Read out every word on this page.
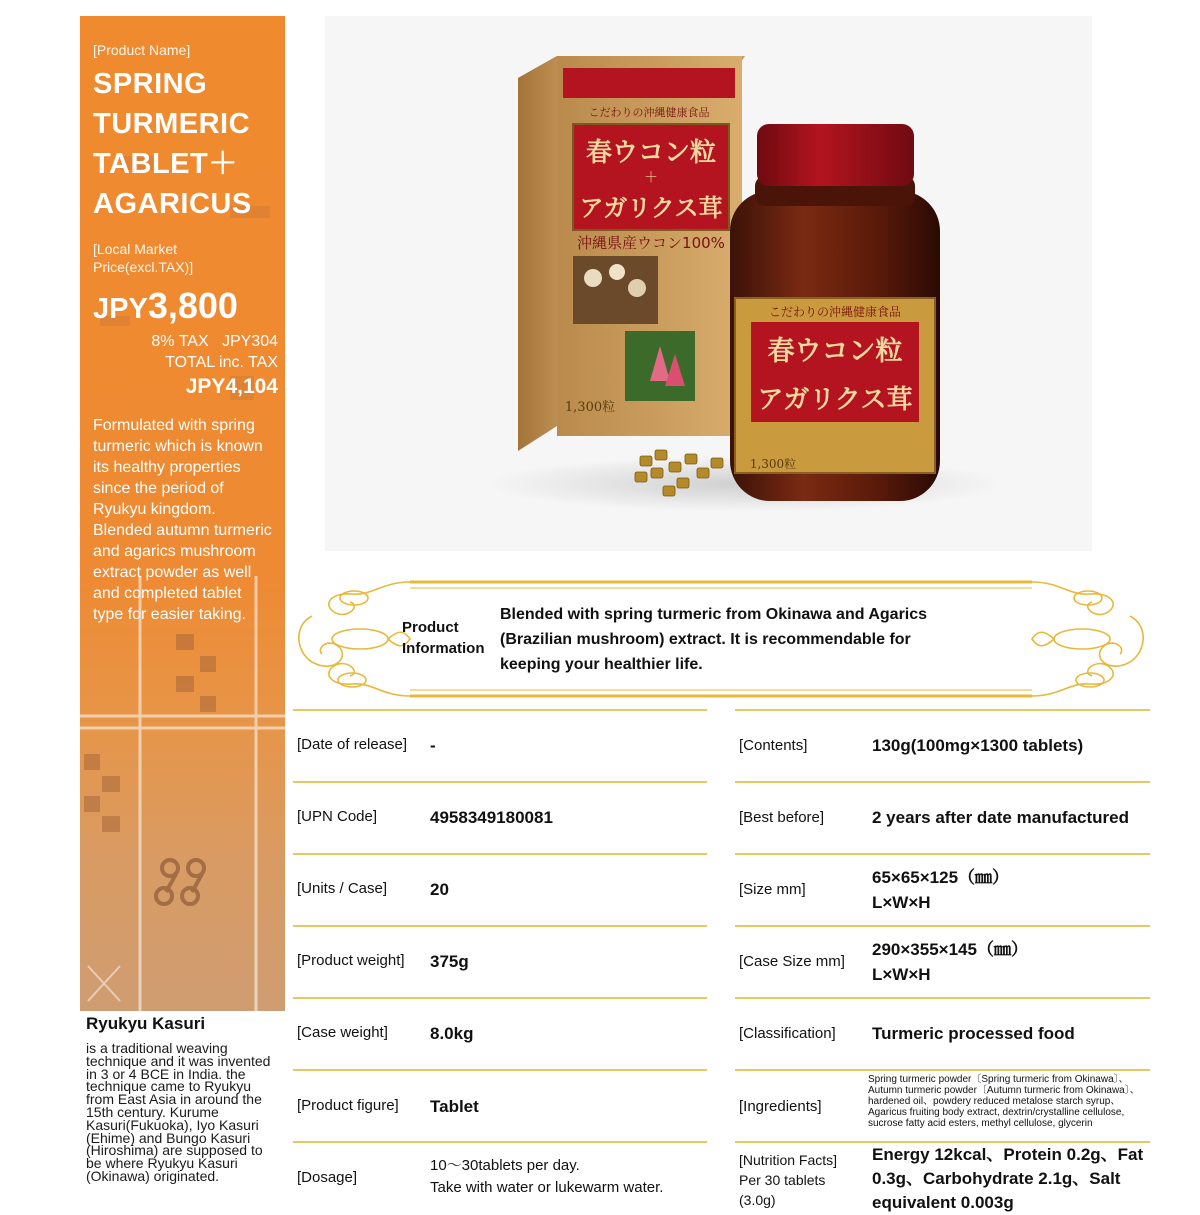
[Product Name]
SPRING
TURMERIC
TABLET＋
AGARICUS
[Local Market
Price(excl.TAX)]
JPY3,800
8% TAX   JPY304
TOTAL inc. TAX
JPY4,104
Formulated with spring turmeric which is known its healthy properties since the period of Ryukyu kingdom. Blended autumn turmeric and agarics mushroom extract powder as well and completed tablet type for easier taking.
Ryukyu Kasuri
is a traditional weaving technique and it was invented in 3 or 4 BCE in India. the technique came to Ryukyu from East Asia in around the 15th century. Kurume Kasuri(Fukuoka), Iyo Kasuri (Ehime) and Bungo Kasuri (Hiroshima) are supposed to be where Ryukyu Kasuri (Okinawa) originated.
こだわりの沖縄健康食品
春ウコン粒
＋
アガリクス茸
沖縄県産ウコン100%
1,300粒
こだわりの沖縄健康食品
春ウコン粒
アガリクス茸
1,300粒
Product
Information
Blended with spring turmeric from Okinawa and Agarics (Brazilian mushroom) extract. It is recommendable for keeping your healthier life.
[Date of release] -
[UPN Code]	4958349180081
[Units / Case]	20
[Product weight] 375g
[Case weight] 8.0kg
[Product figure] Tablet
[Dosage]
10～30tablets per day.
Take with water or lukewarm water.
[Contents]	130g(100mg×1300 tablets)
[Best before]	2 years after date manufactured
[Size mm]
65×65×125（㎜）
L×W×H
[Case Size mm]
290×355×145（㎜）
L×W×H
[Classification] Turmeric processed food
[Ingredients]
Spring turmeric powder〔Spring turmeric from Okinawa〕、Autumn turmeric powder〔Autumn turmeric from Okinawa〕、hardened oil、powdery reduced metalose starch syrup、Agaricus fruiting body extract, dextrin/crystalline cellulose, sucrose fatty acid esters, methyl cellulose, glycerin
[Nutrition Facts]
Per 30 tablets
(3.0g)
Energy 12kcal、Protein 0.2g、Fat 0.3g、Carbohydrate 2.1g、Salt equivalent 0.003g
